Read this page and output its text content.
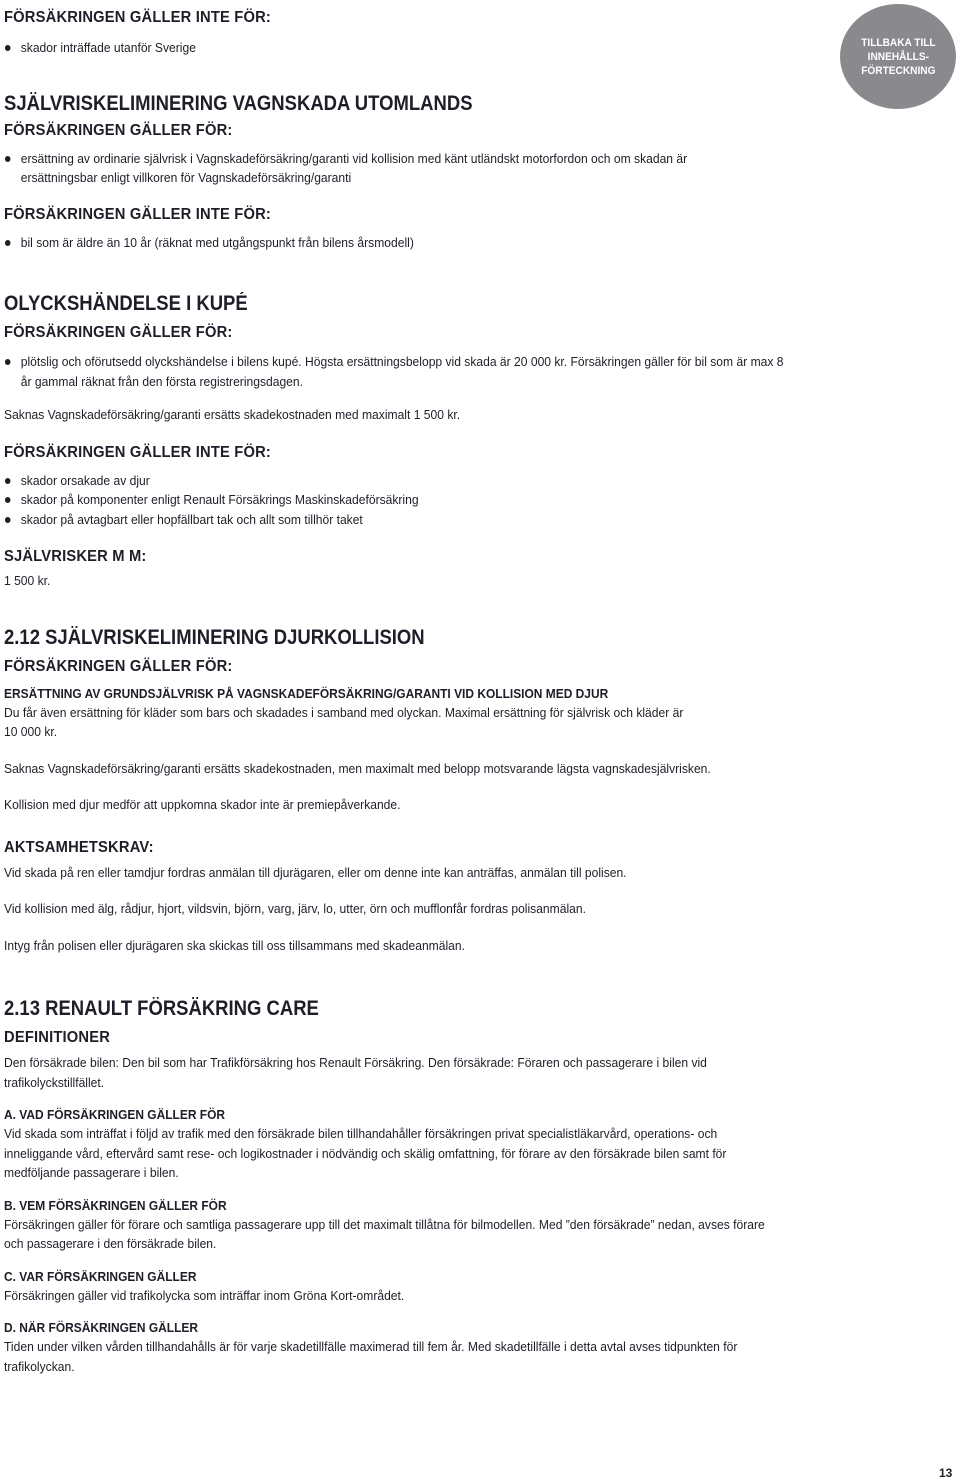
TILLBAKA TILL
INNEHÅLLS-
FÖRTECKNING
FÖRSÄKRINGEN GÄLLER INTE FÖR:
skador inträffade utanför Sverige
SJÄLVRISKELIMINERING VAGNSKADA UTOMLANDS
FÖRSÄKRINGEN GÄLLER FÖR:
ersättning av ordinarie självrisk i Vagnskadeförsäkring/garanti vid kollision med känt utländskt motorfordon och om skadan är ersättningsbar enligt villkoren för Vagnskadeförsäkring/garanti
FÖRSÄKRINGEN GÄLLER INTE FÖR:
bil som är äldre än 10 år (räknat med utgångspunkt från bilens årsmodell)
OLYCKSHÄNDELSE I KUPÉ
FÖRSÄKRINGEN GÄLLER FÖR:
plötslig och oförutsedd olyckshändelse i bilens kupé. Högsta ersättningsbelopp vid skada är 20 000 kr. Försäkringen gäller för bil som är max 8 år gammal räknat från den första registreringsdagen.
Saknas Vagnskadeförsäkring/garanti ersätts skadekostnaden med maximalt 1 500 kr.
FÖRSÄKRINGEN GÄLLER INTE FÖR:
skador orsakade av djur
skador på komponenter enligt Renault Försäkrings Maskinskadeförsäkring
skador på avtagbart eller hopfällbart tak och allt som tillhör taket
SJÄLVRISKER M M:
1 500 kr.
2.12 SJÄLVRISKELIMINERING DJURKOLLISION
FÖRSÄKRINGEN GÄLLER FÖR:
ERSÄTTNING AV GRUNDSJÄLVRISK PÅ VAGNSKADEFÖRSÄKRING/GARANTI VID KOLLISION MED DJUR
Du får även ersättning för kläder som bars och skadades i samband med olyckan. Maximal ersättning för självrisk och kläder är 10 000 kr.
Saknas Vagnskadeförsäkring/garanti ersätts skadekostnaden, men maximalt med belopp motsvarande lägsta vagnskadesjälvrisken.
Kollision med djur medför att uppkomna skador inte är premiepåverkande.
AKTSAMHETSKRAV:
Vid skada på ren eller tamdjur fordras anmälan till djurägaren, eller om denne inte kan anträffas, anmälan till polisen.
Vid kollision med älg, rådjur, hjort, vildsvin, björn, varg, järv, lo, utter, örn och mufflonfår fordras polisanmälan.
Intyg från polisen eller djurägaren ska skickas till oss tillsammans med skadeanmälan.
2.13 RENAULT FÖRSÄKRING CARE
DEFINITIONER
Den försäkrade bilen: Den bil som har Trafikförsäkring hos Renault Försäkring. Den försäkrade: Föraren och passagerare i bilen vid trafikolyckstillfället.
A. VAD FÖRSÄKRINGEN GÄLLER FÖR
Vid skada som inträffat i följd av trafik med den försäkrade bilen tillhandahåller försäkringen privat specialistläkarvård, operations- och inneliggande vård, eftervård samt rese- och logikostnader i nödvändig och skälig omfattning, för förare av den försäkrade bilen samt för medföljande passagerare i bilen.
B. VEM FÖRSÄKRINGEN GÄLLER FÖR
Försäkringen gäller för förare och samtliga passagerare upp till det maximalt tillåtna för bilmodellen. Med ”den försäkrade” nedan, avses förare och passagerare i den försäkrade bilen.
C. VAR FÖRSÄKRINGEN GÄLLER
Försäkringen gäller vid trafikolycka som inträffar inom Gröna Kort-området.
D. NÄR FÖRSÄKRINGEN GÄLLER
Tiden under vilken vården tillhandahålls är för varje skadetillfälle maximerad till fem år. Med skadetillfälle i detta avtal avses tidpunkten för trafikolyckan.
13
